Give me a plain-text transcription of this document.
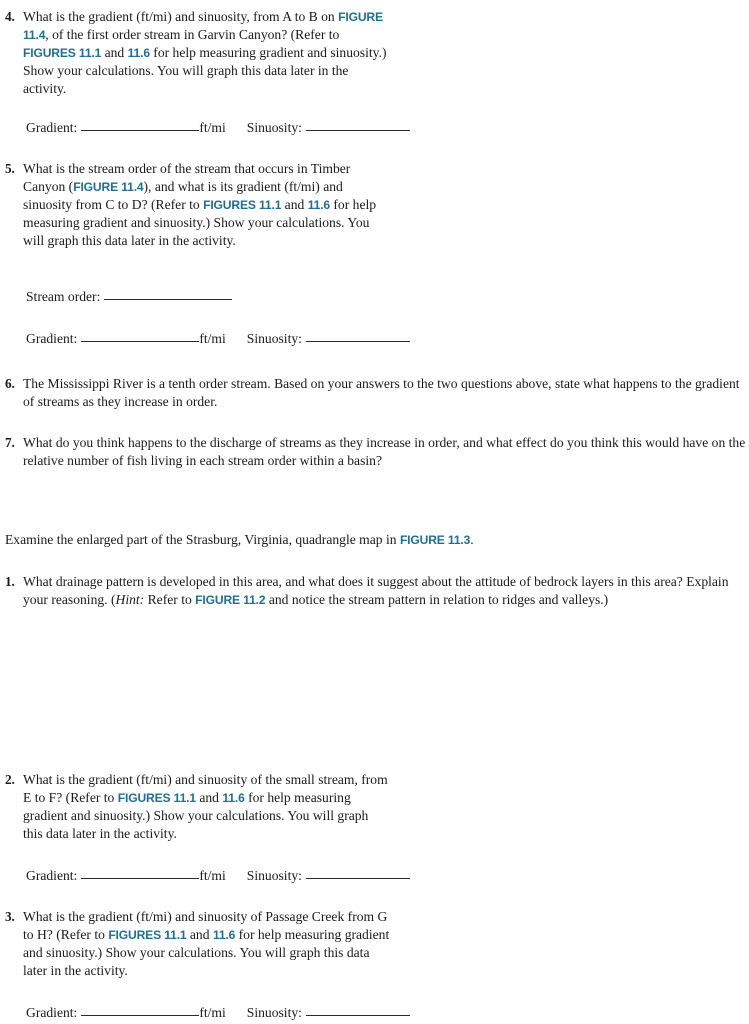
4. What is the gradient (ft/mi) and sinuosity, from A to B on FIGURE 11.4, of the first order stream in Garvin Canyon? (Refer to FIGURES 11.1 and 11.6 for help measuring gradient and sinuosity.) Show your calculations. You will graph this data later in the activity.
Gradient:	ft/mi Sinuosity:
5. What is the stream order of the stream that occurs in Timber Canyon (FIGURE 11.4), and what is its gradient (ft/mi) and sinuosity from C to D? (Refer to FIGURES 11.1 and 11.6 for help measuring gradient and sinuosity.) Show your calculations. You will graph this data later in the activity.
Stream order:
Gradient:	ft/mi Sinuosity:
6. The Mississippi River is a tenth order stream. Based on your answers to the two questions above, state what happens to the gradient of streams as they increase in order.
7. What do you think happens to the discharge of streams as they increase in order, and what effect do you think this would have on the relative number of fish living in each stream order within a basin?
Examine the enlarged part of the Strasburg, Virginia, quadrangle map in FIGURE 11.3.
1. What drainage pattern is developed in this area, and what does it suggest about the attitude of bedrock layers in this area? Explain your reasoning. (Hint: Refer to FIGURE 11.2 and notice the stream pattern in relation to ridges and valleys.)
2. What is the gradient (ft/mi) and sinuosity of the small stream, from E to F? (Refer to FIGURES 11.1 and 11.6 for help measuring gradient and sinuosity.) Show your calculations. You will graph this data later in the activity.
Gradient:	ft/mi Sinuosity:
3. What is the gradient (ft/mi) and sinuosity of Passage Creek from G to H? (Refer to FIGURES 11.1 and 11.6 for help measuring gradient and sinuosity.) Show your calculations. You will graph this data later in the activity.
Gradient:	ft/mi Sinuosity:
